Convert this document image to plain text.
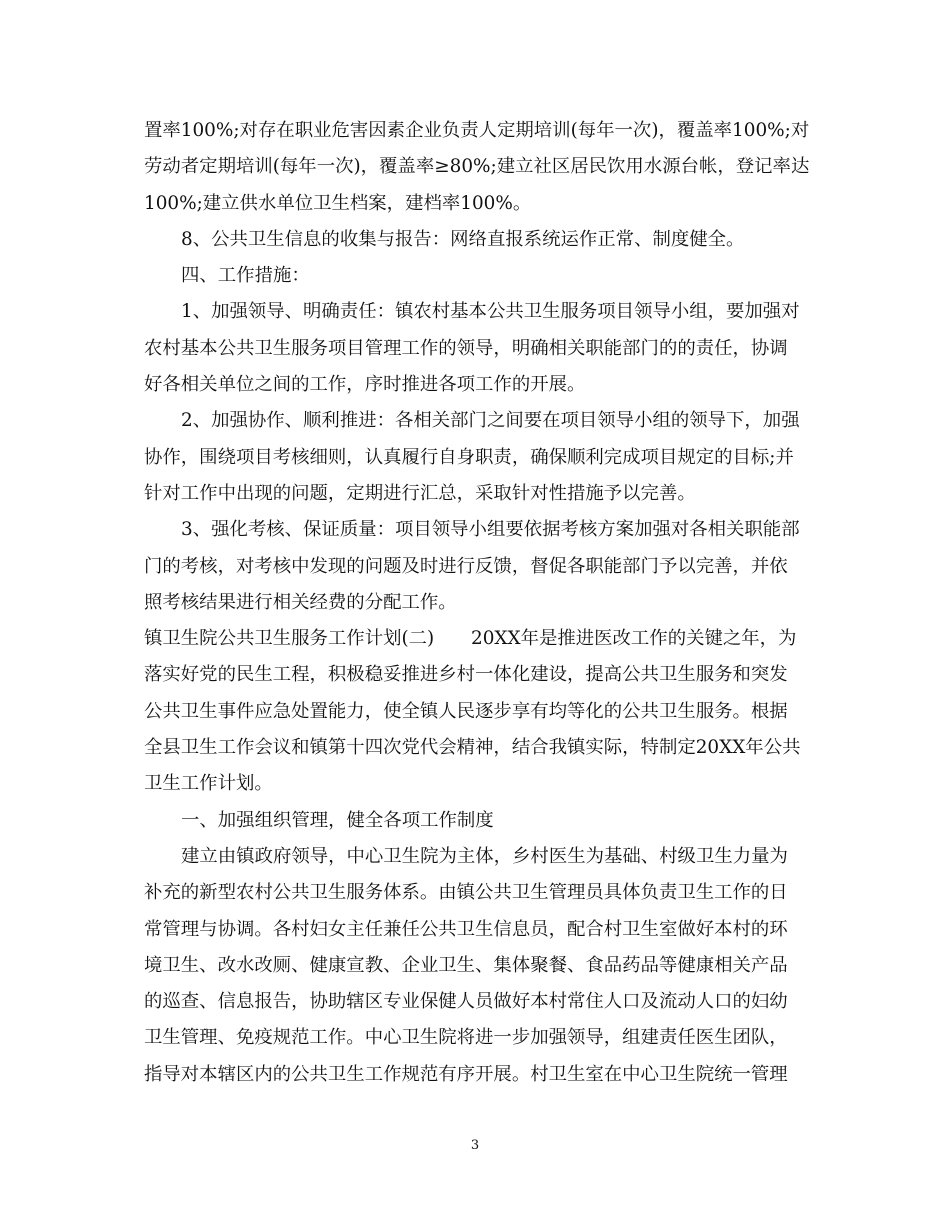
置率100%;对存在职业危害因素企业负责人定期培训(每年一次)，覆盖率100%;对
劳动者定期培训(每年一次)，覆盖率≥80%;建立社区居民饮用水源台帐，登记率达
100%;建立供水单位卫生档案，建档率100%。
8、公共卫生信息的收集与报告：网络直报系统运作正常、制度健全。
四、工作措施：
1、加强领导、明确责任：镇农村基本公共卫生服务项目领导小组，要加强对
农村基本公共卫生服务项目管理工作的领导，明确相关职能部门的的责任，协调
好各相关单位之间的工作，序时推进各项工作的开展。
2、加强协作、顺利推进：各相关部门之间要在项目领导小组的领导下，加强
协作，围绕项目考核细则，认真履行自身职责，确保顺利完成项目规定的目标;并
针对工作中出现的问题，定期进行汇总，采取针对性措施予以完善。
3、强化考核、保证质量：项目领导小组要依据考核方案加强对各相关职能部
门的考核，对考核中发现的问题及时进行反馈，督促各职能部门予以完善，并依
照考核结果进行相关经费的分配工作。
镇卫生院公共卫生服务工作计划(二)　　20XX年是推进医改工作的关键之年，为
落实好党的民生工程，积极稳妥推进乡村一体化建设，提高公共卫生服务和突发
公共卫生事件应急处置能力，使全镇人民逐步享有均等化的公共卫生服务。根据
全县卫生工作会议和镇第十四次党代会精神，结合我镇实际，特制定20XX年公共
卫生工作计划。
一、加强组织管理，健全各项工作制度
建立由镇政府领导，中心卫生院为主体，乡村医生为基础、村级卫生力量为
补充的新型农村公共卫生服务体系。由镇公共卫生管理员具体负责卫生工作的日
常管理与协调。各村妇女主任兼任公共卫生信息员，配合村卫生室做好本村的环
境卫生、改水改厕、健康宣教、企业卫生、集体聚餐、食品药品等健康相关产品
的巡查、信息报告，协助辖区专业保健人员做好本村常住人口及流动人口的妇幼
卫生管理、免疫规范工作。中心卫生院将进一步加强领导，组建责任医生团队，
指导对本辖区内的公共卫生工作规范有序开展。村卫生室在中心卫生院统一管理
3
